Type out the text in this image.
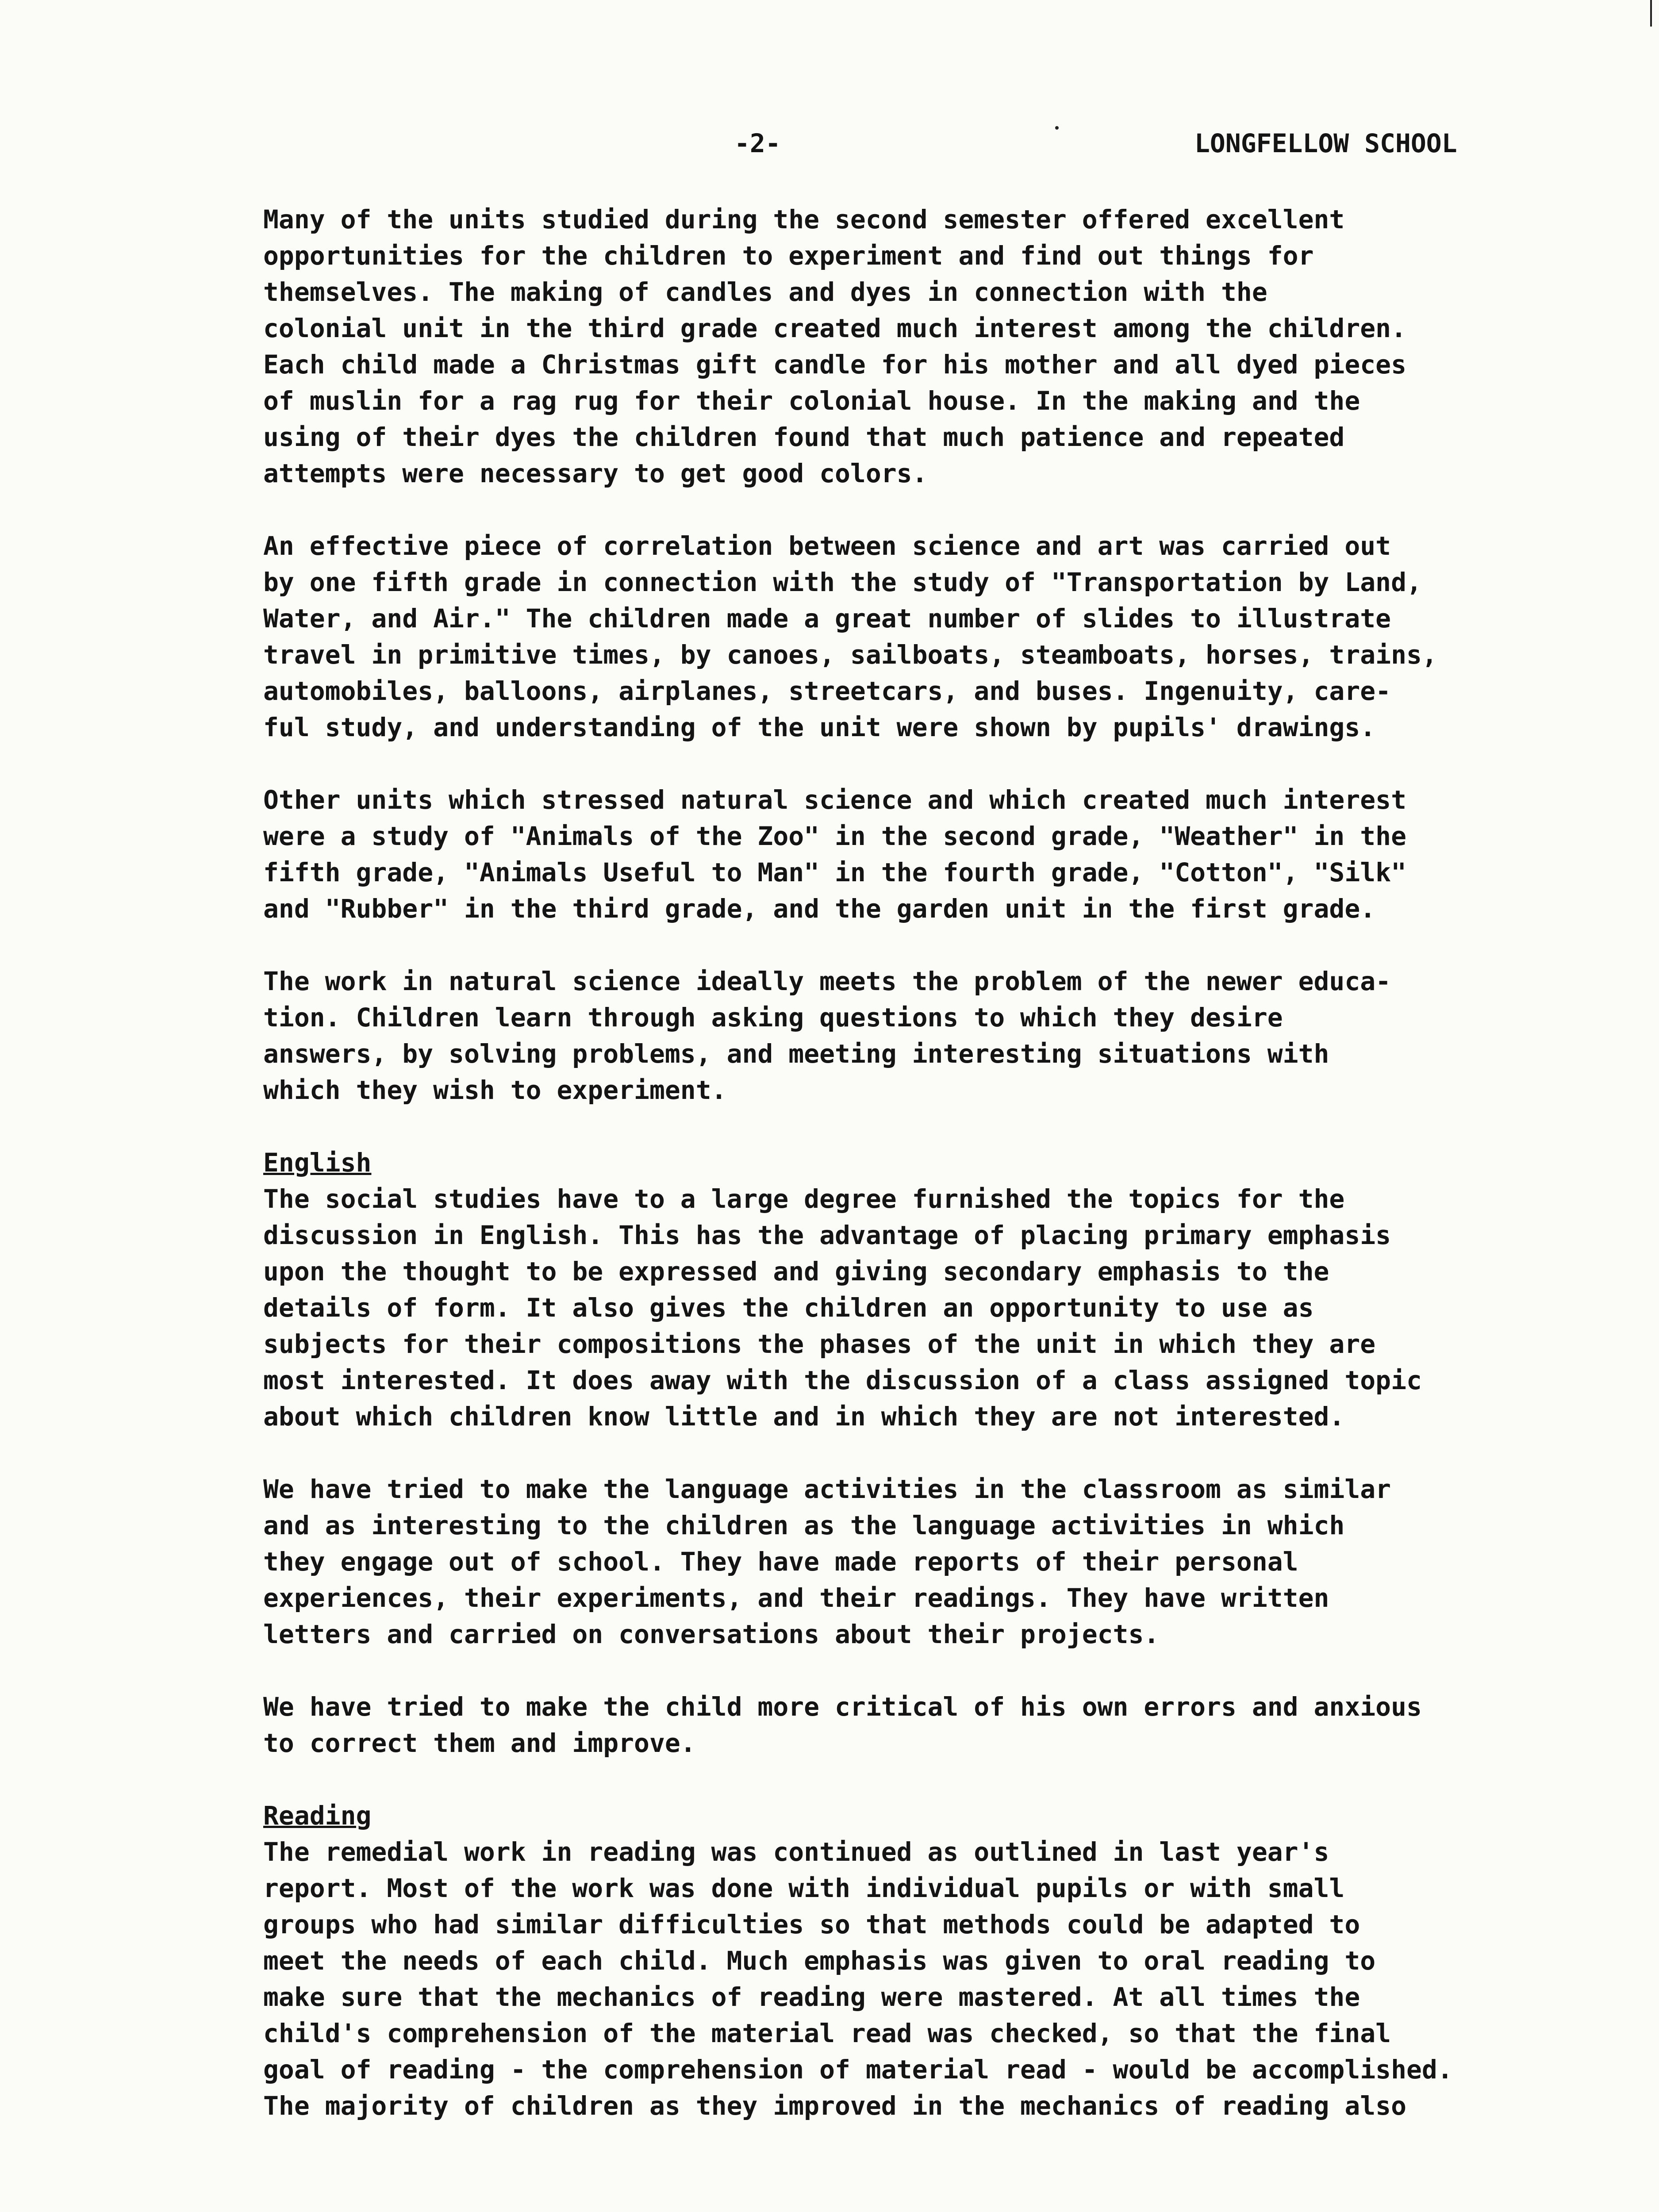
-2-	LONGFELLOW SCHOOL
Many of the units studied during the second semester offered excellent
opportunities for the children to experiment and find out things for
themselves. The making of candles and dyes in connection with the
colonial unit in the third grade created much interest among the children.
Each child made a Christmas gift candle for his mother and all dyed pieces
of muslin for a rag rug for their colonial house. In the making and the
using of their dyes the children found that much patience and repeated
attempts were necessary to get good colors.
An effective piece of correlation between science and art was carried out
by one fifth grade in connection with the study of "Transportation by Land,
Water, and Air." The children made a great number of slides to illustrate
travel in primitive times, by canoes, sailboats, steamboats, horses, trains,
automobiles, balloons, airplanes, streetcars, and buses. Ingenuity, care-
ful study, and understanding of the unit were shown by pupils' drawings.
Other units which stressed natural science and which created much interest
were a study of "Animals of the Zoo" in the second grade, "Weather" in the
fifth grade, "Animals Useful to Man" in the fourth grade, "Cotton", "Silk"
and "Rubber" in the third grade, and the garden unit in the first grade.
The work in natural science ideally meets the problem of the newer educa-
tion. Children learn through asking questions to which they desire
answers, by solving problems, and meeting interesting situations with
which they wish to experiment.
English
The social studies have to a large degree furnished the topics for the
discussion in English. This has the advantage of placing primary emphasis
upon the thought to be expressed and giving secondary emphasis to the
details of form. It also gives the children an opportunity to use as
subjects for their compositions the phases of the unit in which they are
most interested. It does away with the discussion of a class assigned topic
about which children know little and in which they are not interested.
We have tried to make the language activities in the classroom as similar
and as interesting to the children as the language activities in which
they engage out of school. They have made reports of their personal
experiences, their experiments, and their readings. They have written
letters and carried on conversations about their projects.
We have tried to make the child more critical of his own errors and anxious
to correct them and improve.
Reading
The remedial work in reading was continued as outlined in last year's
report. Most of the work was done with individual pupils or with small
groups who had similar difficulties so that methods could be adapted to
meet the needs of each child. Much emphasis was given to oral reading to
make sure that the mechanics of reading were mastered. At all times the
child's comprehension of the material read was checked, so that the final
goal of reading - the comprehension of material read - would be accomplished.
The majority of children as they improved in the mechanics of reading also
